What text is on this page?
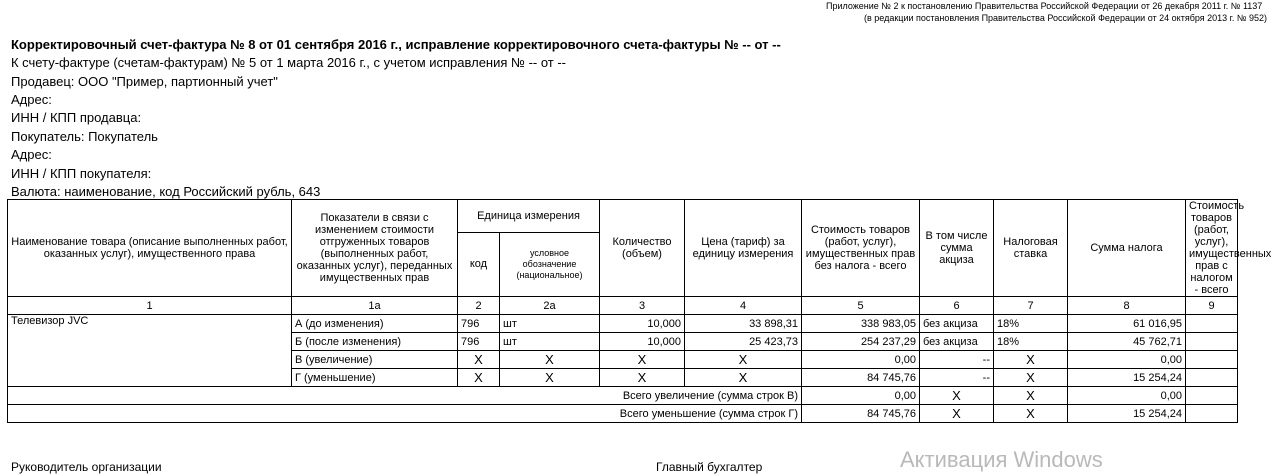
Приложение № 2 к постановлению Правительства Российской Федерации от 26 декабря 2011 г. № 1137
(в редакции постановления Правительства Российской Федерации от 24 октября 2013 г. № 952)
Корректировочный счет-фактура № 8 от 01 сентября 2016 г., исправление корректировочного счета-фактуры № -- от --
К счету-фактуре (счетам-фактурам) № 5 от 1 марта 2016 г., с учетом исправления № -- от --
Продавец: ООО "Пример, партионный учет"
Адрес:
ИНН / КПП продавца:
Покупатель: Покупатель
Адрес:
ИНН / КПП покупателя:
Валюта: наименование, код Российский рубль, 643
Наименование товара (описание выполненных работ, оказанных услуг), имущественного права	Показатели в связи с изменением стоимости отгруженных товаров (выполненных работ, оказанных услуг), переданных имущественных прав	Единица измерения		Количество (объем)	Цена (тариф) за единицу измерения	Стоимость товаров (работ, услуг), имущественных прав без налога - всего	В том числе сумма акциза	Налоговая ставка	Сумма налога	Стоимость товаров (работ, услуг), имущественных прав с налогом - всего
		код	условное обозначение (национальное)							
1	1а	2	2а	3	4	5	6	7	8	9
Телевизор JVC	А (до изменения)	796	шт	10,000	33 898,31	338 983,05	без акциза	18%	61 016,95	
	Б (после изменения)	796	шт	10,000	25 423,73	254 237,29	без акциза	18%	45 762,71	
	В (увеличение)	X	X	X	X	0,00	--	X	0,00	
	Г (уменьшение)	X	X	X	X	84 745,76	--	X	15 254,24	
Всего увеличение (сумма строк В)						0,00	X	X	0,00	
Всего уменьшение (сумма строк Г)						84 745,76	X	X	15 254,24	
Руководитель организации	Главный бухгалтер	Активация Windows
